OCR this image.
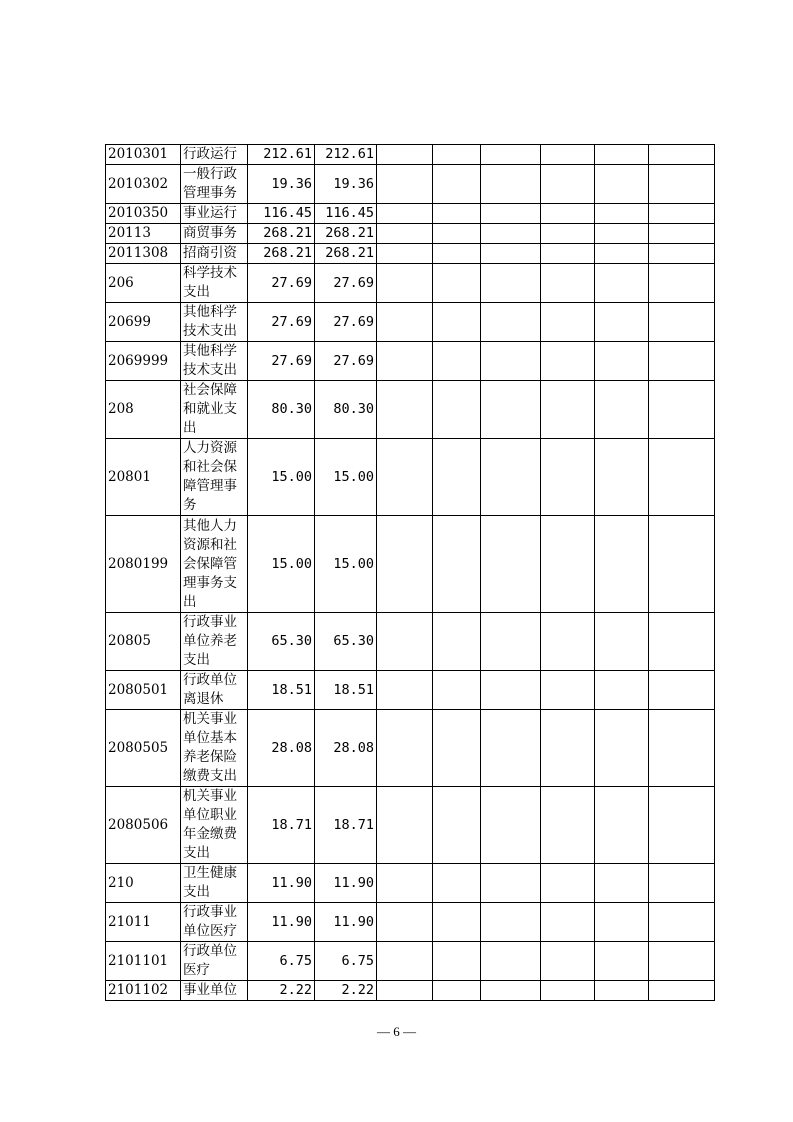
2010301	行政运行	212.61	212.61						
2010302	一般行政管理事务	19.36	19.36						
2010350	事业运行	116.45	116.45						
20113	商贸事务	268.21	268.21						
2011308	招商引资	268.21	268.21						
206	科学技术支出	27.69	27.69						
20699	其他科学技术支出	27.69	27.69						
2069999	其他科学技术支出	27.69	27.69						
208	社会保障和就业支出	80.30	80.30						
20801	人力资源和社会保障管理事务	15.00	15.00						
2080199	其他人力资源和社会保障管理事务支出	15.00	15.00						
20805	行政事业单位养老支出	65.30	65.30						
2080501	行政单位离退休	18.51	18.51						
2080505	机关事业单位基本养老保险缴费支出	28.08	28.08						
2080506	机关事业单位职业年金缴费支出	18.71	18.71						
210	卫生健康支出	11.90	11.90						
21011	行政事业单位医疗	11.90	11.90						
2101101	行政单位医疗	6.75	6.75						
2101102	事业单位	2.22	2.22						
— 6 —
